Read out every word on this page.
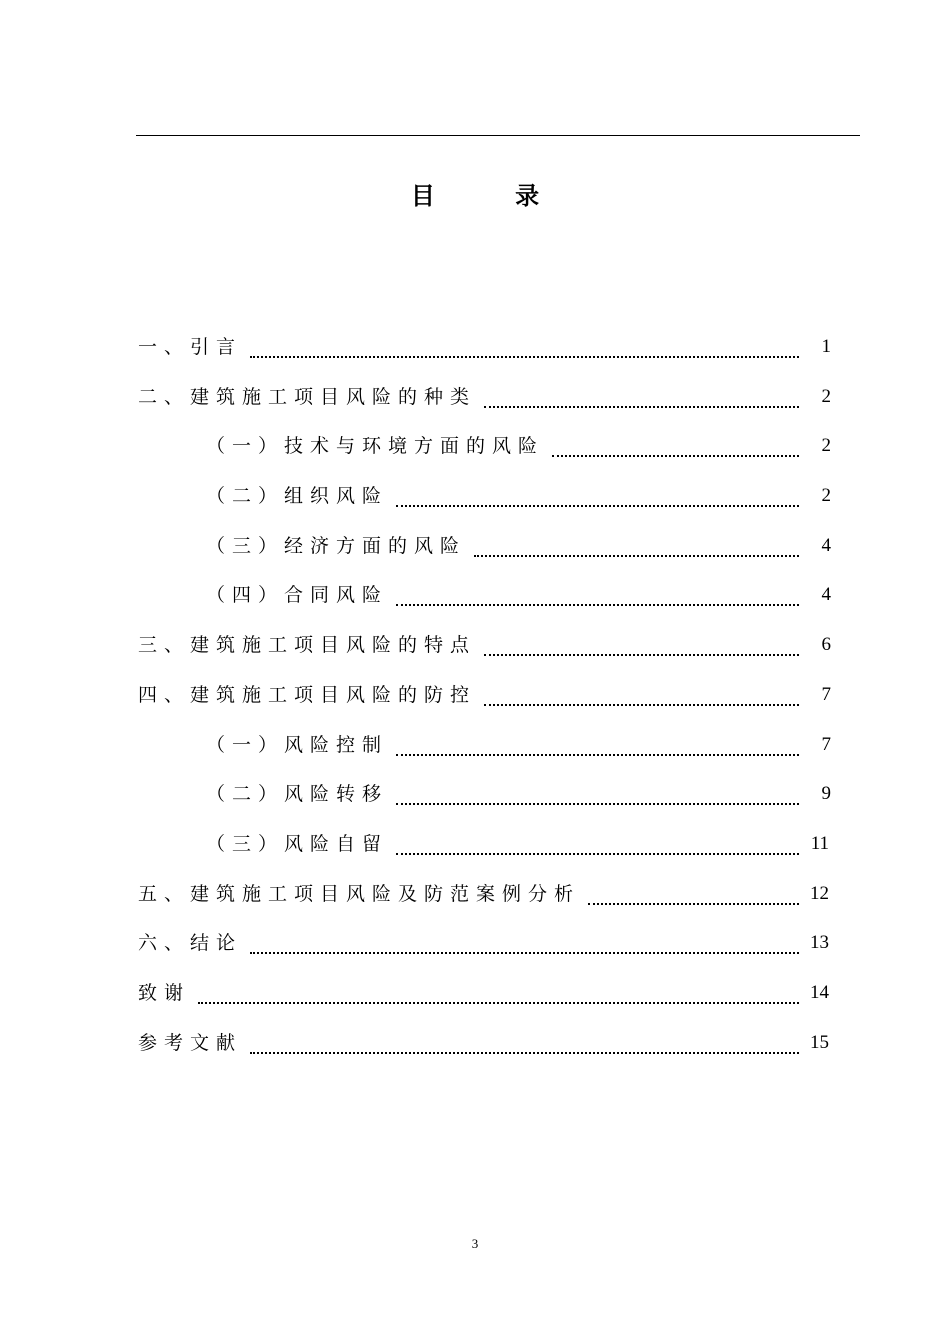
目 录
一、引言	1
二、建筑施工项目风险的种类	2
（一）技术与环境方面的风险	2
（二）组织风险	2
（三）经济方面的风险	4
（四）合同风险	4
三、建筑施工项目风险的特点	6
四、建筑施工项目风险的防控	7
（一）风险控制	7
（二）风险转移	9
（三）风险自留	11
五、建筑施工项目风险及防范案例分析	12
六、结论	13
致谢	14
参考文献	15
3
